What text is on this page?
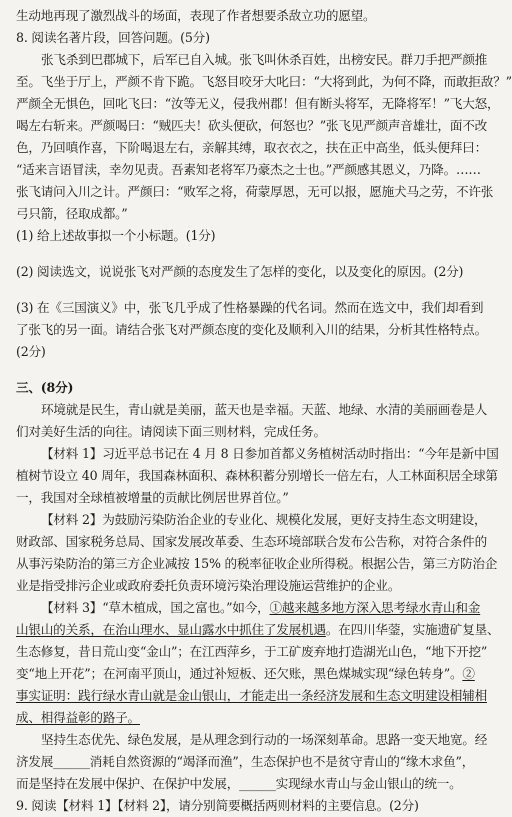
生动地再现了激烈战斗的场面，表现了作者想要杀敌立功的愿望。
8. 阅读名著片段，回答问题。(5分)
张飞杀到巴郡城下，后军已自入城。张飞叫休杀百姓，出榜安民。群刀手把严颜推
至。飞坐于厅上，严颜不肯下跪。飞怒目咬牙大叱曰：“大将到此，为何不降，而敢拒敌？”
严颜全无惧色，回叱飞曰：“汝等无义，侵我州郡！但有断头将军，无降将军！”飞大怒，
喝左右斩来。严颜喝曰：“贼匹夫！砍头便砍，何怒也？”张飞见严颜声音雄壮，面不改
色，乃回嗔作喜，下阶喝退左右，亲解其缚，取衣衣之，扶在正中高坐，低头便拜曰：
“适来言语冒渎，幸勿见责。吾素知老将军乃豪杰之士也。”严颜感其恩义，乃降。……
张飞请问入川之计。严颜曰：“败军之将，荷蒙厚恩，无可以报，愿施犬马之劳，不许张
弓只箭，径取成都。”
(1) 给上述故事拟一个小标题。(1分)
(2) 阅读选文，说说张飞对严颜的态度发生了怎样的变化，以及变化的原因。(2分)
(3) 在《三国演义》中，张飞几乎成了性格暴躁的代名词。然而在选文中，我们却看到
了张飞的另一面。请结合张飞对严颜态度的变化及顺利入川的结果，分析其性格特点。
(2分)
三、(8分)
环境就是民生，青山就是美丽，蓝天也是幸福。天蓝、地绿、水清的美丽画卷是人
们对美好生活的向往。请阅读下面三则材料，完成任务。
【材料 1】习近平总书记在 4 月 8 日参加首都义务植树活动时指出：“今年是新中国
植树节设立 40 周年，我国森林面积、森林积蓄分别增长一倍左右，人工林面积居全球第
一，我国对全球植被增量的贡献比例居世界首位。”
【材料 2】为鼓励污染防治企业的专业化、规模化发展，更好支持生态文明建设，
财政部、国家税务总局、国家发展改革委、生态环境部联合发布公告称，对符合条件的
从事污染防治的第三方企业减按 15% 的税率征收企业所得税。根据公告，第三方防治企
业是指受排污企业或政府委托负责环境污染治理设施运营维护的企业。
【材料 3】“草木植成，国之富也。”如今，①越来越多地方深入思考绿水青山和金
山银山的关系，在治山理水、显山露水中抓住了发展机遇。在四川华蓥，实施遗矿复垦、
生态修复，昔日荒山变“金山”；在江西萍乡，于工矿废弃地打造湖光山色，“地下开挖”
变“地上开花”；在河南平顶山，通过补短板、还欠账，黑色煤城实现“绿色转身”。②
事实证明：践行绿水青山就是金山银山，才能走出一条经济发展和生态文明建设相辅相
成、相得益彰的路子。
坚持生态优先、绿色发展，是从理念到行动的一场深刻革命。思路一变天地宽。经
济发展______消耗自然资源的“竭泽而渔”，生态保护也不是贫守青山的“缘木求鱼”，
而是坚持在发展中保护、在保护中发展，______实现绿水青山与金山银山的统一。
9. 阅读【材料 1】【材料 2】，请分别简要概括两则材料的主要信息。(2分)
